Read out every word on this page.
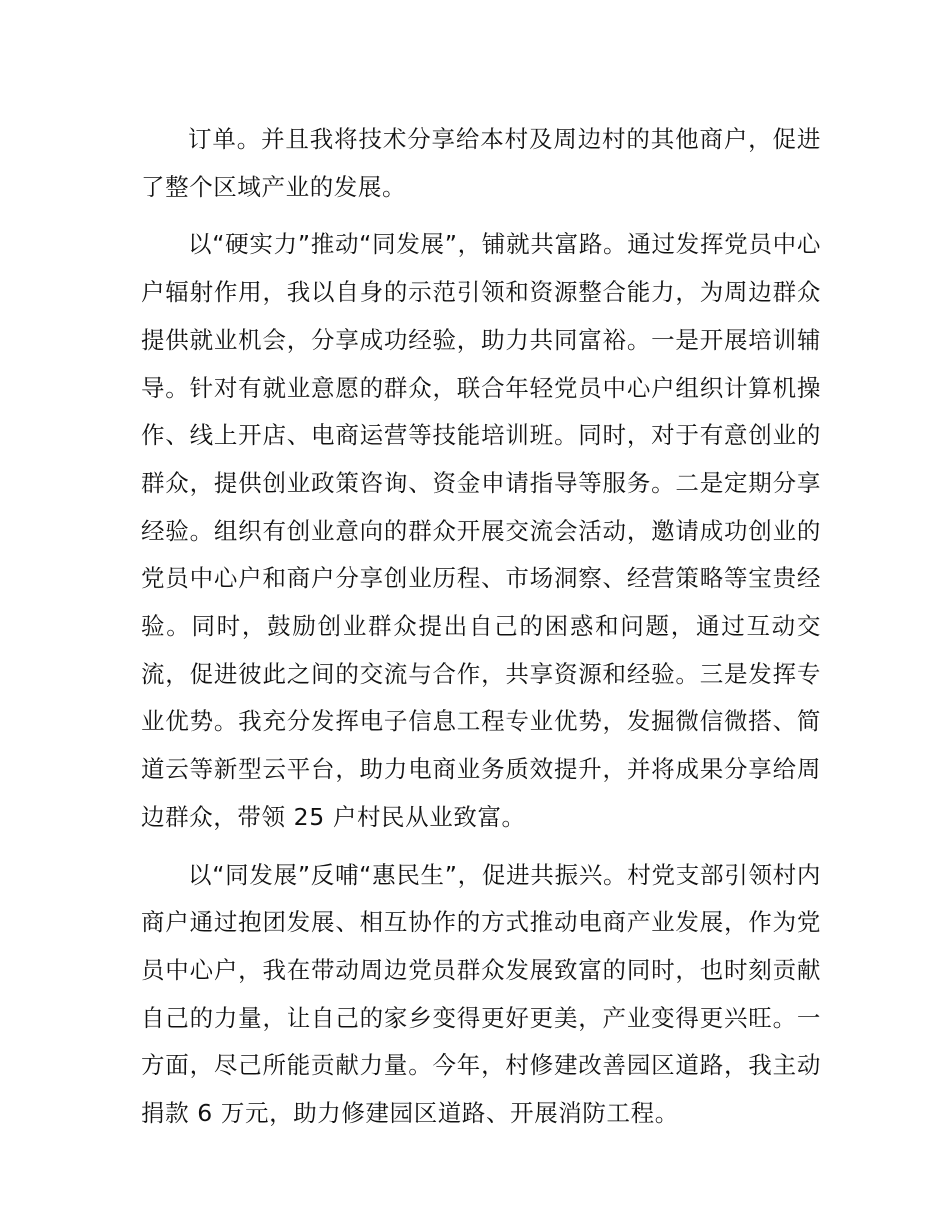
订单。并且我将技术分享给本村及周边村的其他商户，促进了整个区域产业的发展。

以“硬实力”推动“同发展”，铺就共富路。通过发挥党员中心户辐射作用，我以自身的示范引领和资源整合能力，为周边群众提供就业机会，分享成功经验，助力共同富裕。一是开展培训辅导。针对有就业意愿的群众，联合年轻党员中心户组织计算机操作、线上开店、电商运营等技能培训班。同时，对于有意创业的群众，提供创业政策咨询、资金申请指导等服务。二是定期分享经验。组织有创业意向的群众开展交流会活动，邀请成功创业的党员中心户和商户分享创业历程、市场洞察、经营策略等宝贵经验。同时，鼓励创业群众提出自己的困惑和问题，通过互动交流，促进彼此之间的交流与合作，共享资源和经验。三是发挥专业优势。我充分发挥电子信息工程专业优势，发掘微信微搭、简道云等新型云平台，助力电商业务质效提升，并将成果分享给周边群众，带领 25 户村民从业致富。

以“同发展”反哺“惠民生”，促进共振兴。村党支部引领村内商户通过抱团发展、相互协作的方式推动电商产业发展，作为党员中心户，我在带动周边党员群众发展致富的同时，也时刻贡献自己的力量，让自己的家乡变得更好更美，产业变得更兴旺。一方面，尽己所能贡献力量。今年，村修建改善园区道路，我主动捐款 6 万元，助力修建园区道路、开展消防工程。
